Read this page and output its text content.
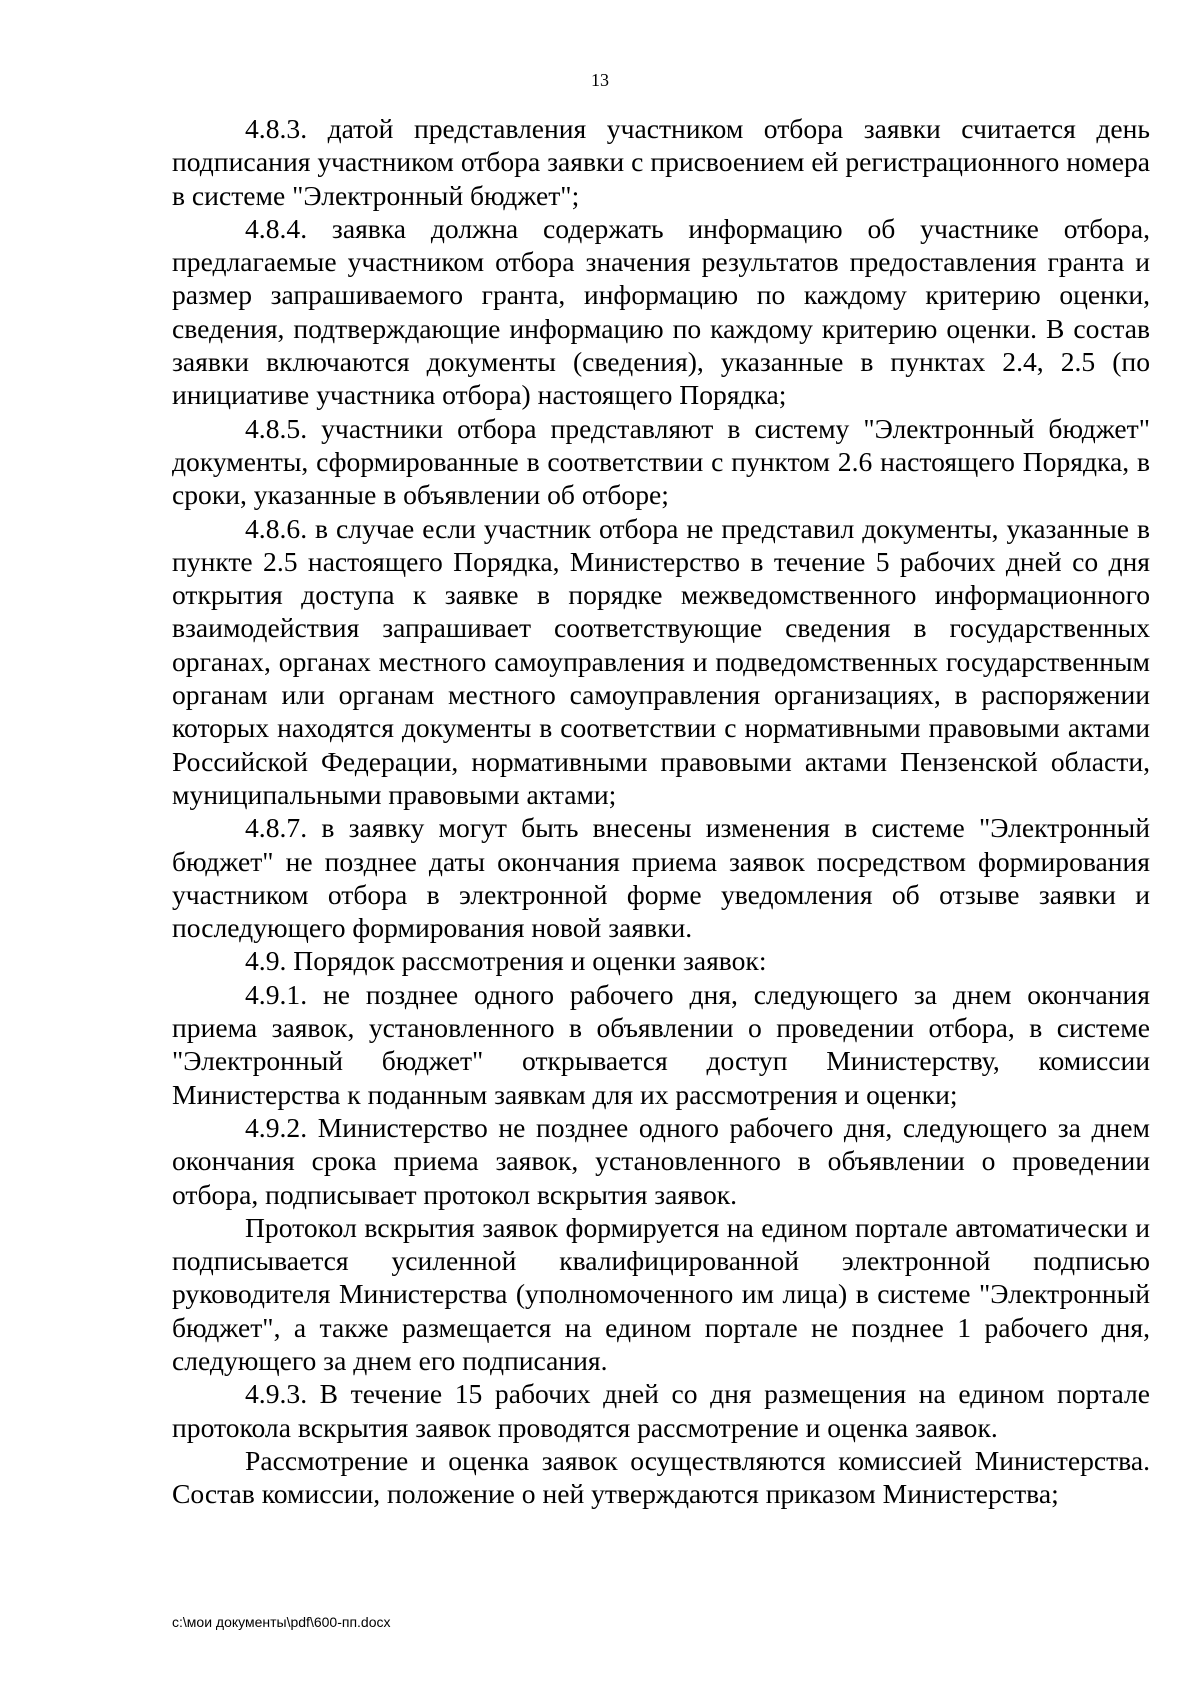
13

4.8.3. датой представления участником отбора заявки считается день подписания участником отбора заявки с присвоением ей регистрационного номера в системе "Электронный бюджет";

4.8.4. заявка должна содержать информацию об участнике отбора, предлагаемые участником отбора значения результатов предоставления гранта и размер запрашиваемого гранта, информацию по каждому критерию оценки, сведения, подтверждающие информацию по каждому критерию оценки. В состав заявки включаются документы (сведения), указанные в пунктах 2.4, 2.5 (по инициативе участника отбора) настоящего Порядка;

4.8.5. участники отбора представляют в систему "Электронный бюджет" документы, сформированные в соответствии с пунктом 2.6 настоящего Порядка, в сроки, указанные в объявлении об отборе;

4.8.6. в случае если участник отбора не представил документы, указанные в пункте 2.5 настоящего Порядка, Министерство в течение 5 рабочих дней со дня открытия доступа к заявке в порядке межведомственного информационного взаимодействия запрашивает соответствующие сведения в государственных органах, органах местного самоуправления и подведомственных государственным органам или органам местного самоуправления организациях, в распоряжении которых находятся документы в соответствии с нормативными правовыми актами Российской Федерации, нормативными правовыми актами Пензенской области, муниципальными правовыми актами;

4.8.7. в заявку могут быть внесены изменения в системе "Электронный бюджет" не позднее даты окончания приема заявок посредством формирования участником отбора в электронной форме уведомления об отзыве заявки и последующего формирования новой заявки.

4.9. Порядок рассмотрения и оценки заявок:

4.9.1. не позднее одного рабочего дня, следующего за днем окончания приема заявок, установленного в объявлении о проведении отбора, в системе "Электронный бюджет" открывается доступ Министерству, комиссии Министерства к поданным заявкам для их рассмотрения и оценки;

4.9.2. Министерство не позднее одного рабочего дня, следующего за днем окончания срока приема заявок, установленного в объявлении о проведении отбора, подписывает протокол вскрытия заявок.

Протокол вскрытия заявок формируется на едином портале автоматически и подписывается усиленной квалифицированной электронной подписью руководителя Министерства (уполномоченного им лица) в системе "Электронный бюджет", а также размещается на едином портале не позднее 1 рабочего дня, следующего за днем его подписания.

4.9.3. В течение 15 рабочих дней со дня размещения на едином портале протокола вскрытия заявок проводятся рассмотрение и оценка заявок.

Рассмотрение и оценка заявок осуществляются комиссией Министерства. Состав комиссии, положение о ней утверждаются приказом Министерства;

c:\мои документы\pdf\600-пп.docx
